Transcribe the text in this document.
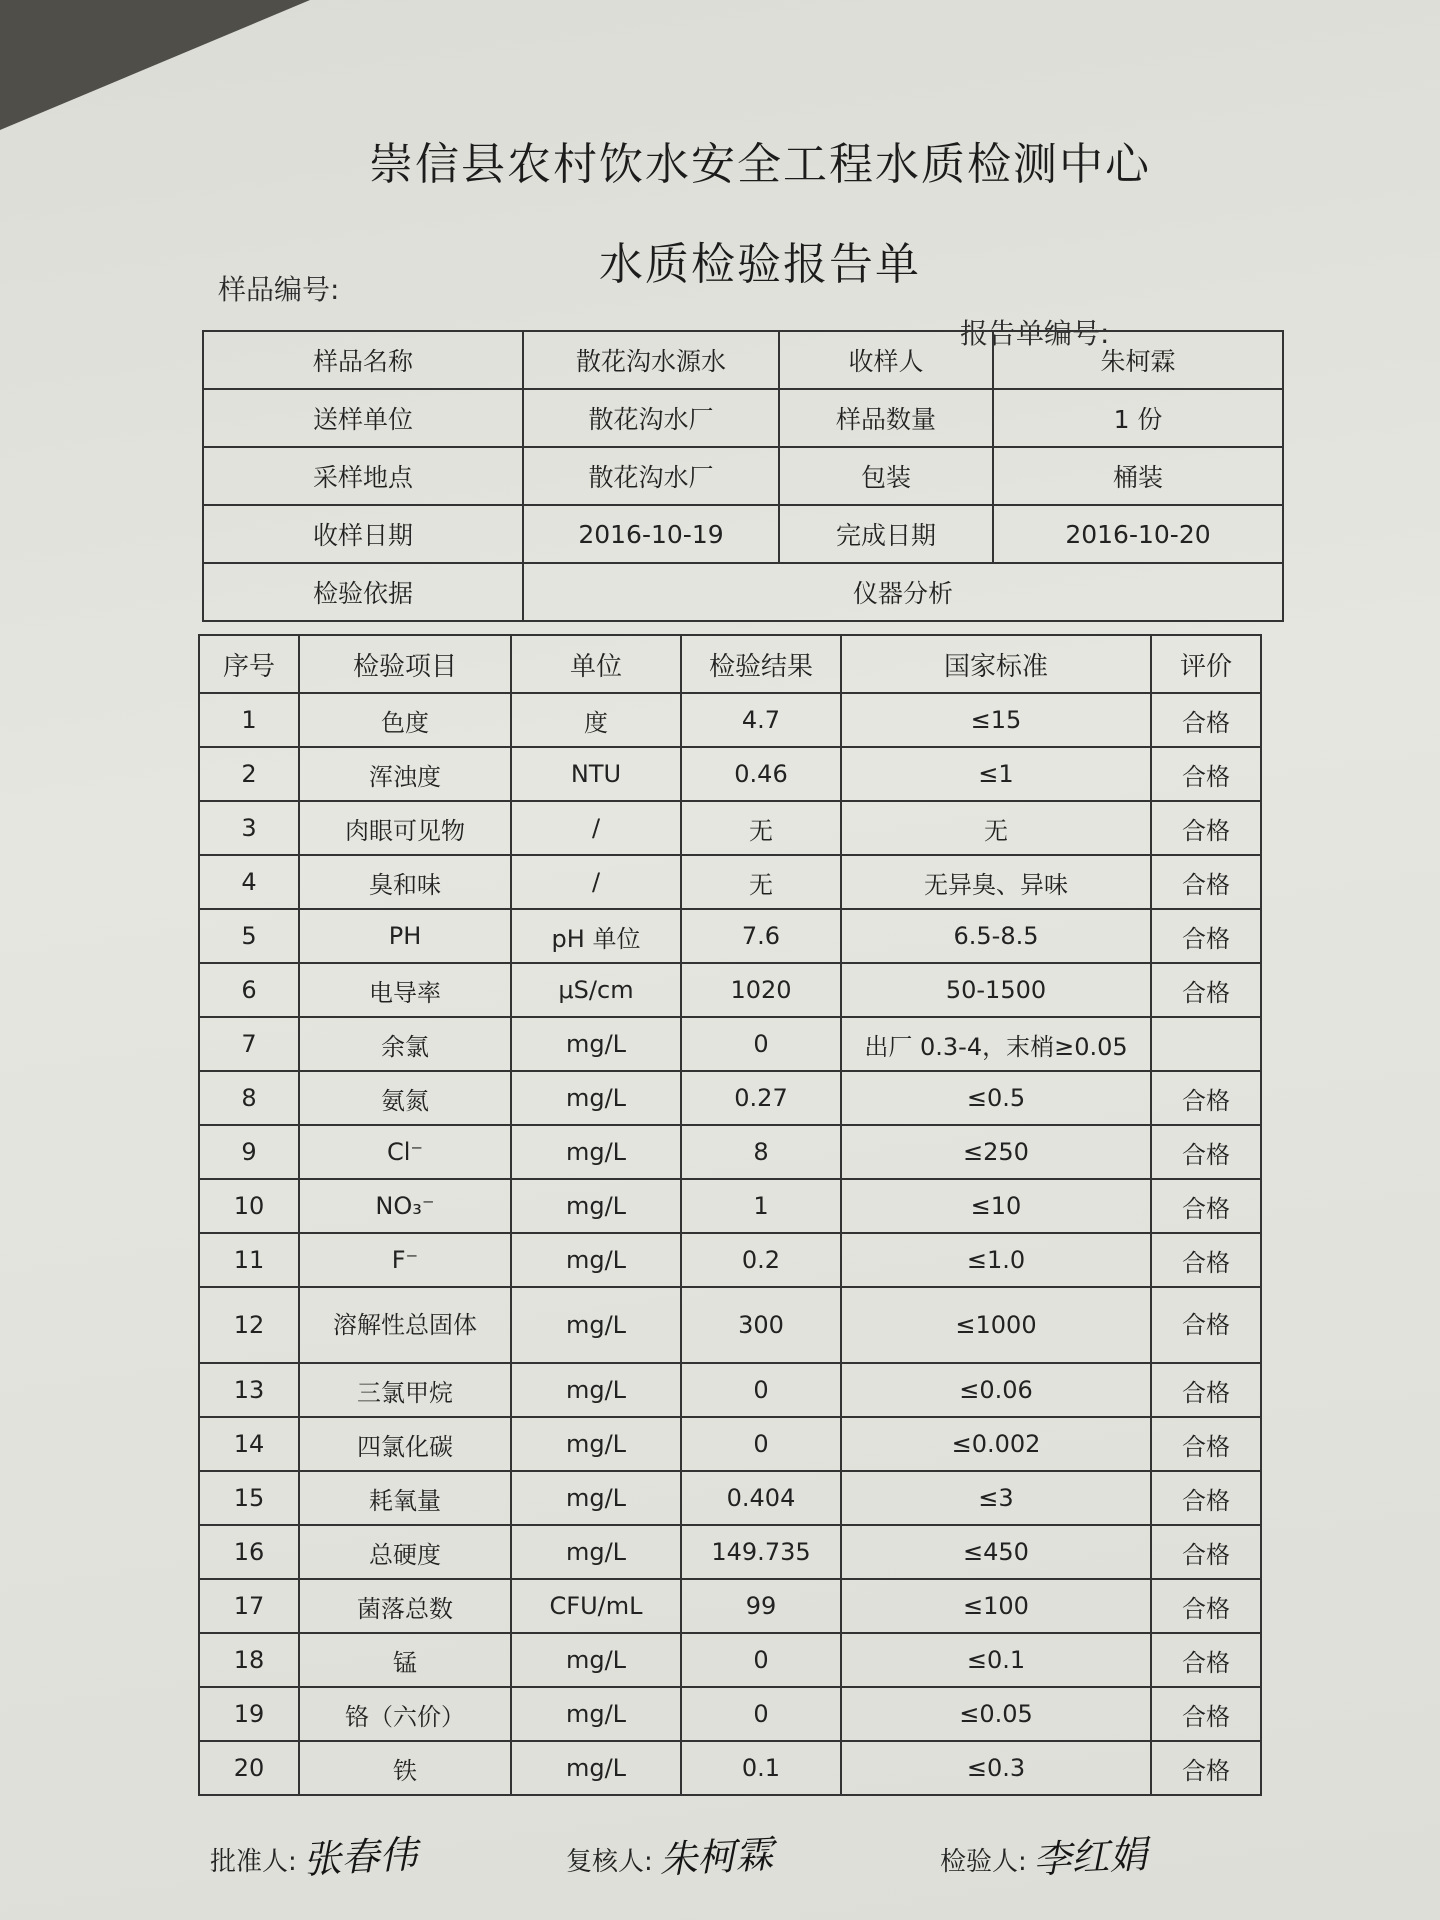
崇信县农村饮水安全工程水质检测中心
水质检验报告单
样品编号:
报告单编号:
样品名称	散花沟水源水	收样人	朱柯霖
送样单位	散花沟水厂	样品数量	1 份
采样地点	散花沟水厂	包装	桶装
收样日期	2016-10-19	完成日期	2016-10-20
检验依据	仪器分析		
序号	检验项目	单位	检验结果	国家标准	评价
1	色度	度	4.7	≤15	合格
2	浑浊度	NTU	0.46	≤1	合格
3	肉眼可见物	/	无	无	合格
4	臭和味	/	无	无异臭、异味	合格
5	PH	pH 单位	7.6	6.5-8.5	合格
6	电导率	μS/cm	1020	50-1500	合格
7	余氯	mg/L	0	出厂 0.3-4，末梢≥0.05	
8	氨氮	mg/L	0.27	≤0.5	合格
9	Cl⁻	mg/L	8	≤250	合格
10	NO₃⁻	mg/L	1	≤10	合格
11	F⁻	mg/L	0.2	≤1.0	合格
12	溶解性总固体	mg/L	300	≤1000	合格
13	三氯甲烷	mg/L	0	≤0.06	合格
14	四氯化碳	mg/L	0	≤0.002	合格
15	耗氧量	mg/L	0.404	≤3	合格
16	总硬度	mg/L	149.735	≤450	合格
17	菌落总数	CFU/mL	99	≤100	合格
18	锰	mg/L	0	≤0.1	合格
19	铬（六价）	mg/L	0	≤0.05	合格
20	铁	mg/L	0.1	≤0.3	合格
批准人: 张春伟	复核人: 朱柯霖	检验人: 李红娟
